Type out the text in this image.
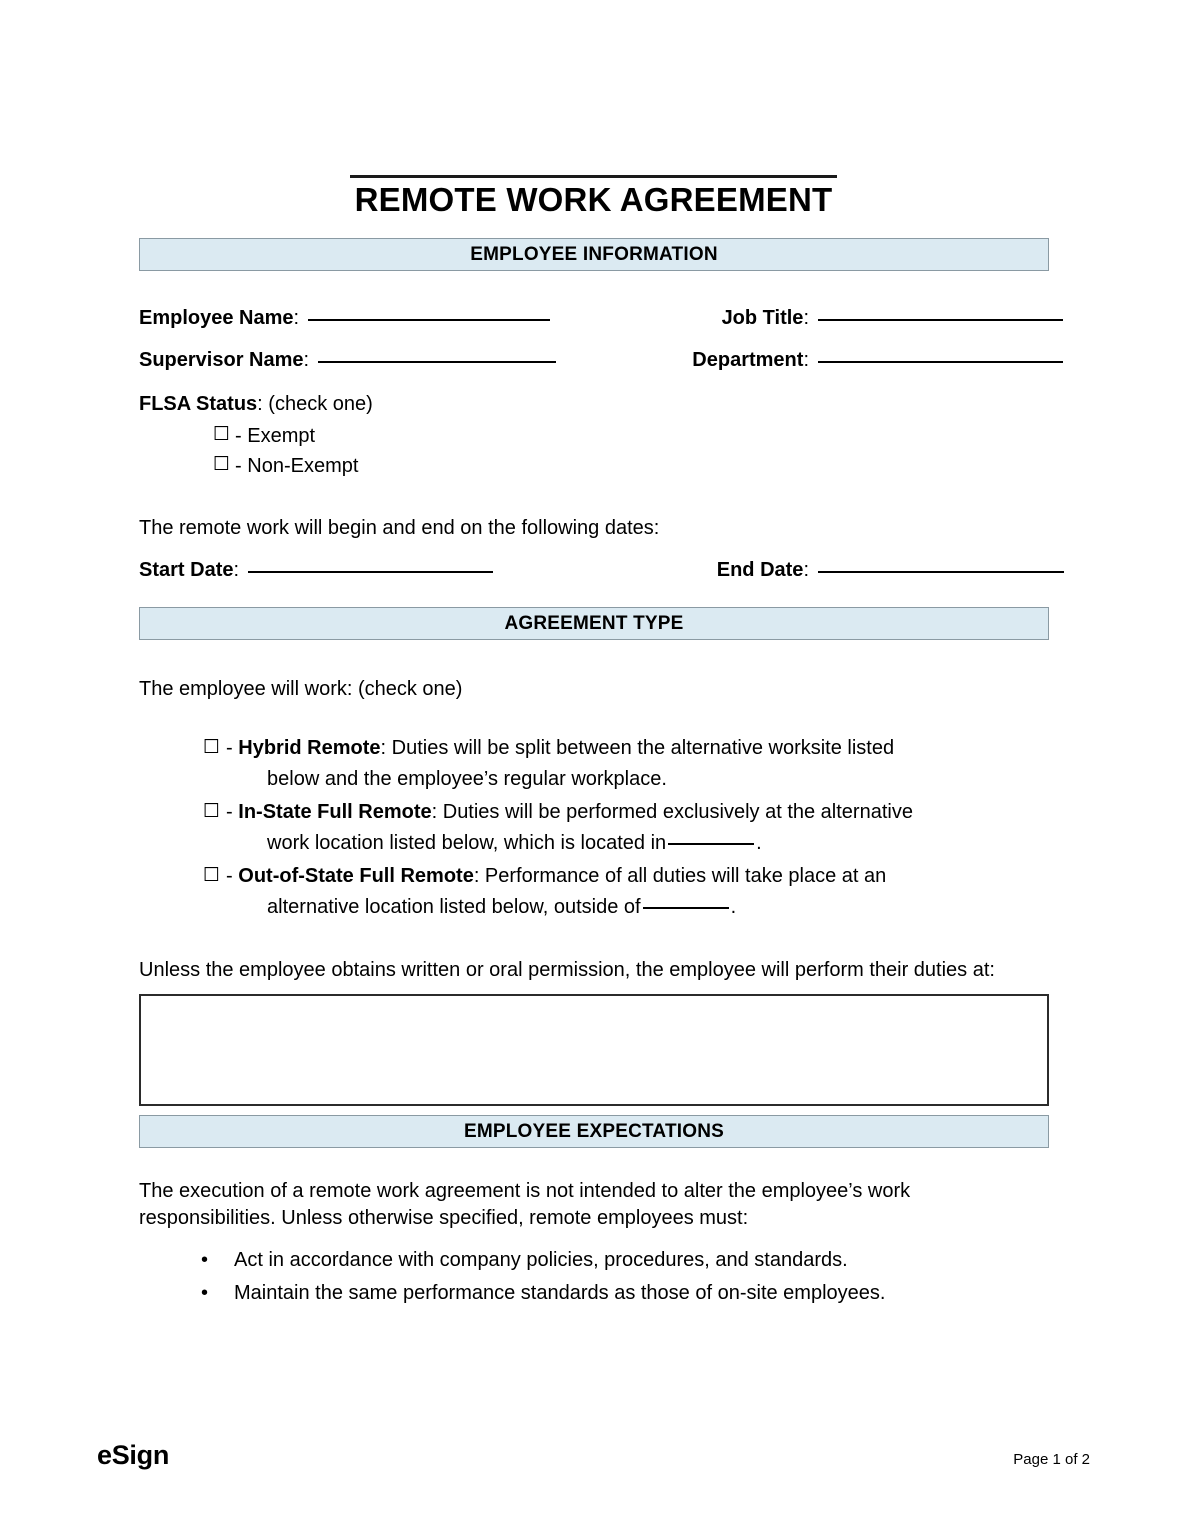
REMOTE WORK AGREEMENT
EMPLOYEE INFORMATION
Employee Name:	Job Title:
Supervisor Name:	Department:
FLSA Status: (check one)
☐ - Exempt
☐ - Non-Exempt
The remote work will begin and end on the following dates:
Start Date:	End Date:
AGREEMENT TYPE
The employee will work: (check one)
☐ - Hybrid Remote: Duties will be split between the alternative worksite listed
below and the employee’s regular workplace.
☐ - In-State Full Remote: Duties will be performed exclusively at the alternative
work location listed below, which is located in	.
☐ - Out-of-State Full Remote: Performance of all duties will take place at an
alternative location listed below, outside of	.
Unless the employee obtains written or oral permission, the employee will perform their duties at:
EMPLOYEE EXPECTATIONS
The execution of a remote work agreement is not intended to alter the employee’s work responsibilities. Unless otherwise specified, remote employees must:
•	Act in accordance with company policies, procedures, and standards.
•	Maintain the same performance standards as those of on-site employees.
eSign	Page 1 of 2
